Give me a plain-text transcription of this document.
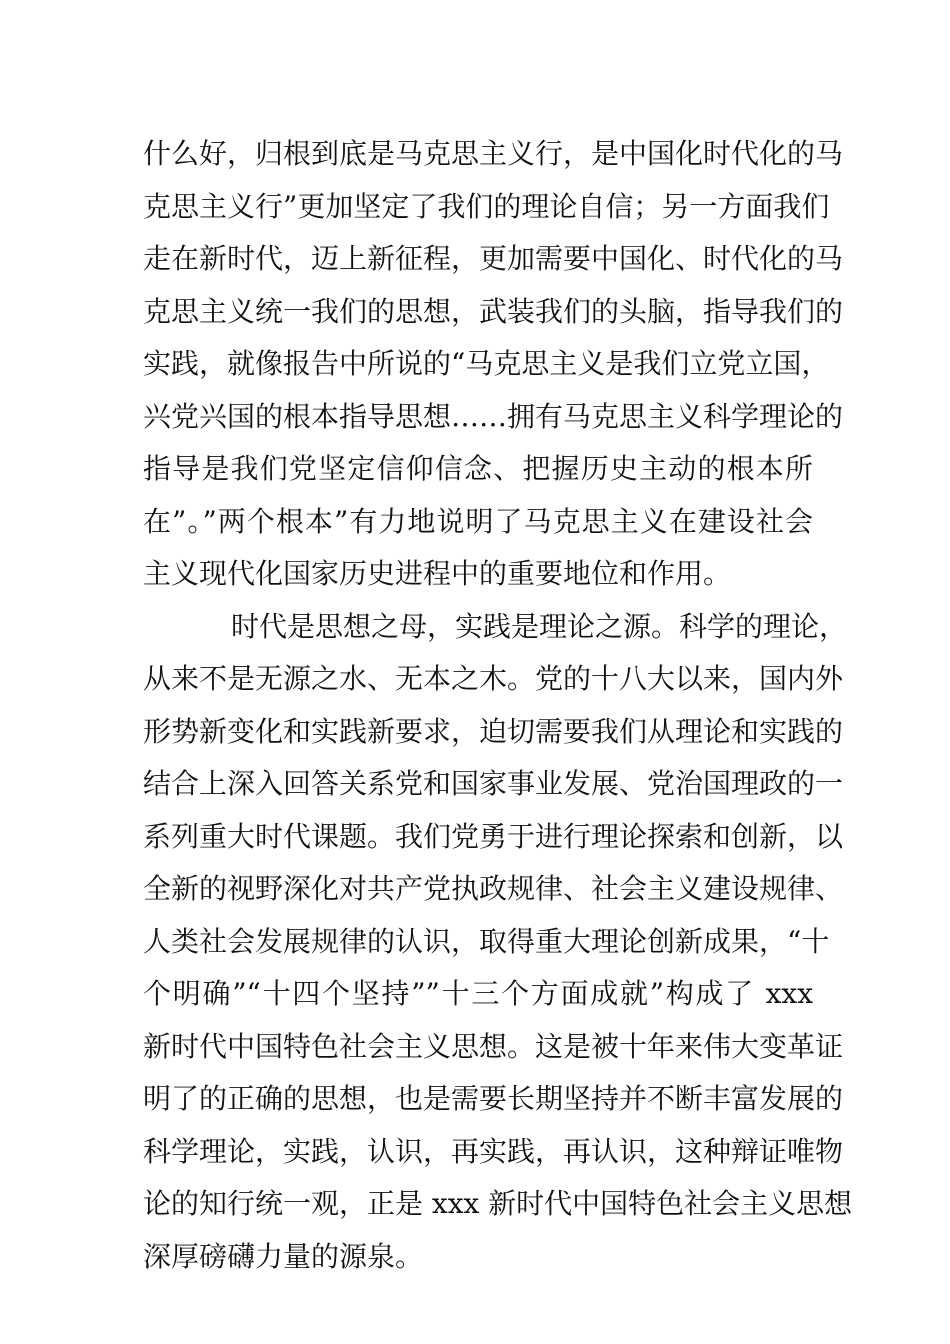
什么好，归根到底是马克思主义行，是中国化时代化的马
克思主义行”更加坚定了我们的理论自信；另一方面我们
走在新时代，迈上新征程，更加需要中国化、时代化的马
克思主义统一我们的思想，武装我们的头脑，指导我们的
实践，就像报告中所说的“马克思主义是我们立党立国，
兴党兴国的根本指导思想……拥有马克思主义科学理论的
指导是我们党坚定信仰信念、把握历史主动的根本所
在”。”两个根本”有力地说明了马克思主义在建设社会
主义现代化国家历史进程中的重要地位和作用。
时代是思想之母，实践是理论之源。科学的理论，
从来不是无源之水、无本之木。党的十八大以来，国内外
形势新变化和实践新要求，迫切需要我们从理论和实践的
结合上深入回答关系党和国家事业发展、党治国理政的一
系列重大时代课题。我们党勇于进行理论探索和创新，以
全新的视野深化对共产党执政规律、社会主义建设规律、
人类社会发展规律的认识，取得重大理论创新成果，“十
个明确”“十四个坚持””十三个方面成就”构成了 xxx
新时代中国特色社会主义思想。这是被十年来伟大变革证
明了的正确的思想，也是需要长期坚持并不断丰富发展的
科学理论，实践，认识，再实践，再认识，这种辩证唯物
论的知行统一观，正是 xxx 新时代中国特色社会主义思想
深厚磅礴力量的源泉。
